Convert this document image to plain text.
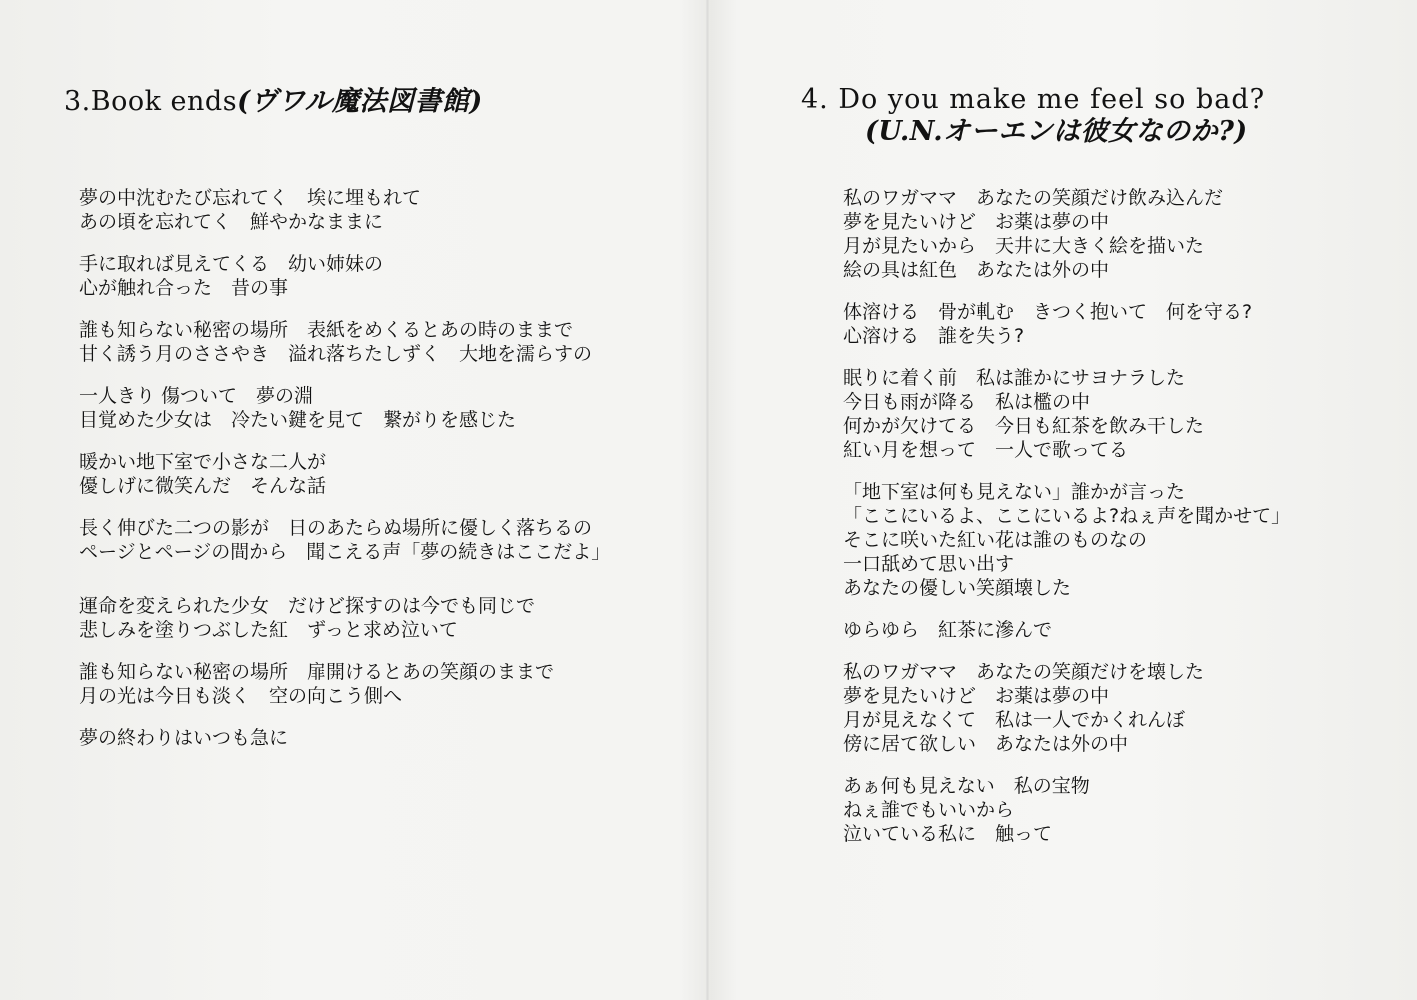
3.Book ends(ヴワル魔法図書館)
夢の中沈むたび忘れてく　埃に埋もれて
あの頃を忘れてく　鮮やかなままに
手に取れば見えてくる　幼い姉妹の
心が触れ合った　昔の事
誰も知らない秘密の場所　表紙をめくるとあの時のままで
甘く誘う月のささやき　溢れ落ちたしずく　大地を濡らすの
一人きり 傷ついて　夢の淵
目覚めた少女は　冷たい鍵を見て　繋がりを感じた
暖かい地下室で小さな二人が
優しげに微笑んだ　そんな話
長く伸びた二つの影が　日のあたらぬ場所に優しく落ちるの
ページとページの間から　聞こえる声「夢の続きはここだよ」
運命を変えられた少女　だけど探すのは今でも同じで
悲しみを塗りつぶした紅　ずっと求め泣いて
誰も知らない秘密の場所　扉開けるとあの笑顔のままで
月の光は今日も淡く　空の向こう側へ
夢の終わりはいつも急に
4. Do you make me feel so bad?
(U.N.オーエンは彼女なのか?)
私のワガママ　あなたの笑顔だけ飲み込んだ
夢を見たいけど　お薬は夢の中
月が見たいから　天井に大きく絵を描いた
絵の具は紅色　あなたは外の中
体溶ける　骨が軋む　きつく抱いて　何を守る?
心溶ける　誰を失う?
眠りに着く前　私は誰かにサヨナラした
今日も雨が降る　私は檻の中
何かが欠けてる　今日も紅茶を飲み干した
紅い月を想って　一人で歌ってる
「地下室は何も見えない」誰かが言った
「ここにいるよ、ここにいるよ?ねぇ声を聞かせて」
そこに咲いた紅い花は誰のものなの
一口舐めて思い出す
あなたの優しい笑顔壊した
ゆらゆら　紅茶に滲んで
私のワガママ　あなたの笑顔だけを壊した
夢を見たいけど　お薬は夢の中
月が見えなくて　私は一人でかくれんぼ
傍に居て欲しい　あなたは外の中
あぁ何も見えない　私の宝物
ねぇ誰でもいいから
泣いている私に　触って
